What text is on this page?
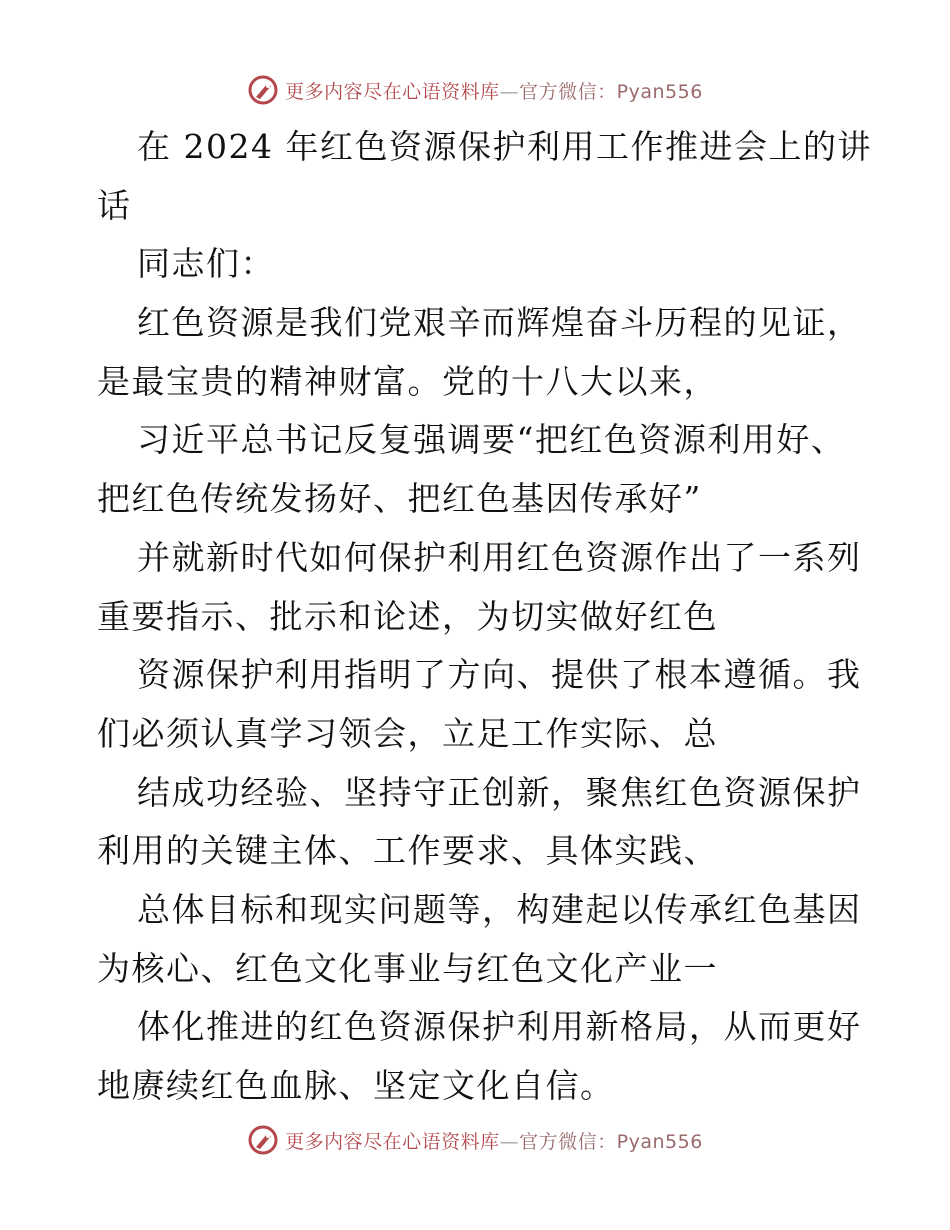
更多内容尽在心语资料库—官方微信：Pyan556
在 2024 年红色资源保护利用工作推进会上的讲
话
同志们：
红色资源是我们党艰辛而辉煌奋斗历程的见证，
是最宝贵的精神财富。党的十八大以来，
习近平总书记反复强调要“把红色资源利用好、
把红色传统发扬好、把红色基因传承好”
并就新时代如何保护利用红色资源作出了一系列
重要指示、批示和论述，为切实做好红色
资源保护利用指明了方向、提供了根本遵循。我
们必须认真学习领会，立足工作实际、总
结成功经验、坚持守正创新，聚焦红色资源保护
利用的关键主体、工作要求、具体实践、
总体目标和现实问题等，构建起以传承红色基因
为核心、红色文化事业与红色文化产业一
体化推进的红色资源保护利用新格局，从而更好
地赓续红色血脉、坚定文化自信。
更多内容尽在心语资料库—官方微信：Pyan556
